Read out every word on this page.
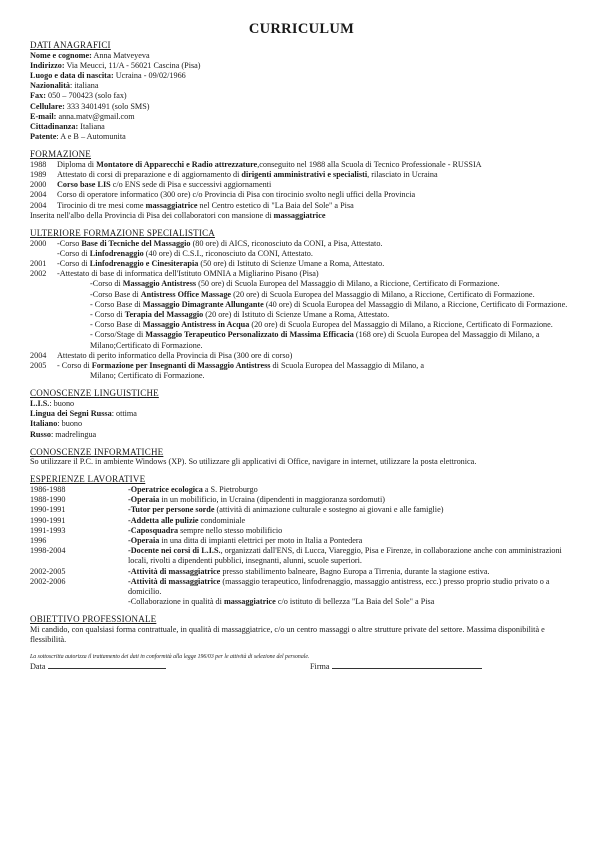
CURRICULUM
DATI ANAGRAFICI
Nome e cognome: Anna Matveyeva
Indirizzo: Via Meucci, 11/A - 56021 Cascina (Pisa)
Luogo e data di nascita: Ucraina - 09/02/1966
Nazionalità: italiana
Fax: 050 – 700423 (solo fax)
Cellulare: 333 3401491 (solo SMS)
E-mail: anna.matv@gmail.com
Cittadinanza: Italiana
Patente: A e B – Automunita
FORMAZIONE
1988	Diploma di Montatore di Apparecchi e Radio attrezzature,conseguito nel 1988 alla Scuola di Tecnico Professionale - RUSSIA
1989	Attestato di corsi di preparazione e di aggiornamento di dirigenti amministrativi e specialisti, rilasciato in Ucraina
2000	Corso base LIS c/o ENS sede di Pisa e successivi aggiornamenti
2004	Corso di operatore informatico (300 ore) c/o Provincia di Pisa con tirocinio svolto negli uffici della Provincia
2004	Tirocinio di tre mesi come massaggiatrice nel Centro estetico di "La Baia del Sole" a Pisa
Inserita nell'albo della Provincia di Pisa dei collaboratori con mansione di massaggiatrice
ULTERIORE FORMAZIONE SPECIALISTICA
2000	-Corso Base di Tecniche del Massaggio (80 ore) di AICS, riconosciuto da CONI, a Pisa, Attestato.
-Corso di Linfodrenaggio (40 ore) di C.S.I., riconosciuto da CONI, Attestato.
2001	-Corso di Linfodrenaggio e Cinesiterapia (50 ore) di Istituto di Scienze Umane a Roma, Attestato.
2002	-Attestato di base di informatica dell'Istituto OMNIA a Migliarino Pisano (Pisa)
-Corso di Massaggio Antistress (50 ore) di Scuola Europea del Massaggio di Milano, a Riccione, Certificato di Formazione.
-Corso Base di Antistress Office Massage (20 ore) di Scuola Europea del Massaggio di Milano, a Riccione, Certificato di Formazione.
- Corso Base di Massaggio Dimagrante Allungante (40 ore) di Scuola Europea del Massaggio di Milano, a Riccione, Certificato di Formazione.
- Corso di Terapia del Massaggio (20 ore) di Istituto di Scienze Umane a Roma, Attestato.
- Corso Base di Massaggio Antistress in Acqua (20 ore) di Scuola Europea del Massaggio di Milano, a Riccione, Certificato di Formazione.
- Corso/Stage di Massaggio Terapeutico Personalizzato di Massima Efficacia (168 ore) di Scuola Europea del Massaggio di Milano, a Milano;Certificato di Formazione.
2004	Attestato di perito informatico della Provincia di Pisa (300 ore di corso)
2005	- Corso di Formazione per Insegnanti di Massaggio Antistress di Scuola Europea del Massaggio di Milano, a
Milano; Certificato di Formazione.
CONOSCENZE LINGUISTICHE
L.I.S.: buono
Lingua dei Segni Russa: ottima
Italiano: buono
Russo: madrelingua
CONOSCENZE INFORMATICHE
So utilizzare il P.C. in ambiente Windows (XP). So utilizzare gli applicativi di Office, navigare in internet, utilizzare la posta elettronica.
ESPERIENZE LAVORATIVE
1986-1988	-Operatrice ecologica a S. Pietroburgo
1988-1990	-Operaia in un mobilificio, in Ucraina (dipendenti in maggioranza sordomuti)
1990-1991	-Tutor per persone sorde (attività di animazione culturale e sostegno ai giovani e alle famiglie)
1990-1991	-Addetta alle pulizie condominiale
1991-1993	-Caposquadra sempre nello stesso mobilificio
1996	-Operaia in una ditta di impianti elettrici per moto in Italia a Pontedera
1998-2004	-Docente nei corsi di L.I.S., organizzati dall'ENS, di Lucca, Viareggio, Pisa e Firenze, in collaborazione anche con amministrazioni locali, rivolti a dipendenti pubblici, insegnanti, alunni, scuole superiori.
2002-2005	-Attività di massaggiatrice presso stabilimento balneare, Bagno Europa a Tirrenia, durante la stagione estiva.
2002-2006	-Attività di massaggiatrice (massaggio terapeutico, linfodrenaggio, massaggio antistress, ecc.) presso proprio studio privato o a domicilio.
-Collaborazione in qualità di massaggiatrice c/o istituto di bellezza "La Baia del Sole" a Pisa
OBIETTIVO PROFESSIONALE
Mi candido, con qualsiasi forma contrattuale, in qualità di massaggiatrice, c/o un centro massaggi o altre strutture private del settore. Massima disponibilità e flessibilità.
La sottoscritta autorizza il trattamento dei dati in conformità alla legge 196/03 per le attività di selezione del personale.
Data	Firma
